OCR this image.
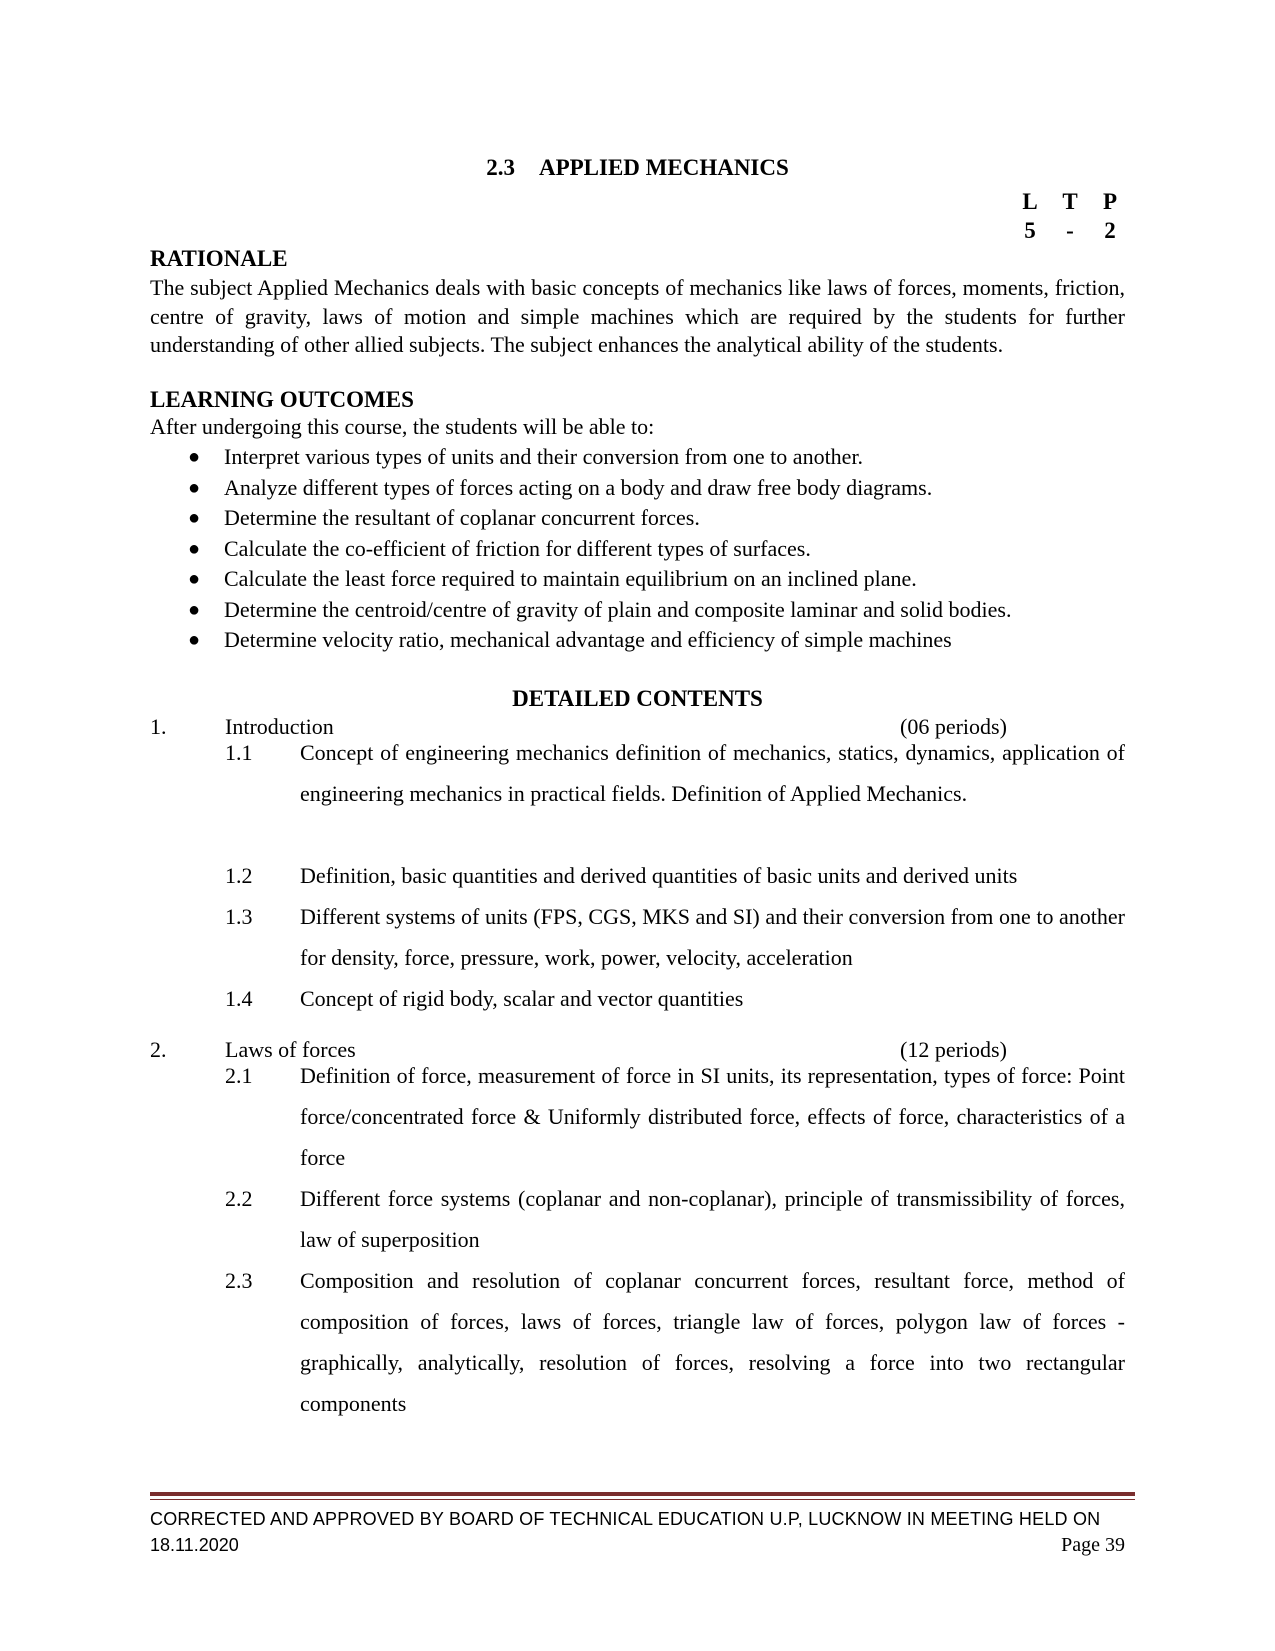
2.3 APPLIED MECHANICS
L	T	P
5	-	2
RATIONALE
The subject Applied Mechanics deals with basic concepts of mechanics like laws of forces, moments, friction, centre of gravity, laws of motion and simple machines which are required by the students for further understanding of other allied subjects. The subject enhances the analytical ability of the students.
LEARNING OUTCOMES
After undergoing this course, the students will be able to:
● Interpret various types of units and their conversion from one to another.
● Analyze different types of forces acting on a body and draw free body diagrams.
● Determine the resultant of coplanar concurrent forces.
● Calculate the co-efficient of friction for different types of surfaces.
● Calculate the least force required to maintain equilibrium on an inclined plane.
● Determine the centroid/centre of gravity of plain and composite laminar and solid bodies.
● Determine velocity ratio, mechanical advantage and efficiency of simple machines
DETAILED CONTENTS
1.	Introduction	(06 periods)
1.1 Concept of engineering mechanics definition of mechanics, statics, dynamics, application of engineering mechanics in practical fields. Definition of Applied Mechanics.
1.2 Definition, basic quantities and derived quantities of basic units and derived units
1.3 Different systems of units (FPS, CGS, MKS and SI) and their conversion from one to another for density, force, pressure, work, power, velocity, acceleration
1.4 Concept of rigid body, scalar and vector quantities
2.	Laws of forces	(12 periods)
2.1 Definition of force, measurement of force in SI units, its representation, types of force: Point force/concentrated force & Uniformly distributed force, effects of force, characteristics of a force
2.2 Different force systems (coplanar and non-coplanar), principle of transmissibility of forces, law of superposition
2.3 Composition and resolution of coplanar concurrent forces, resultant force, method of composition of forces, laws of forces, triangle law of forces, polygon law of forces - graphically, analytically, resolution of forces, resolving a force into two rectangular components
CORRECTED AND APPROVED BY BOARD OF TECHNICAL EDUCATION U.P, LUCKNOW IN MEETING HELD ON
18.11.2020	Page 39
